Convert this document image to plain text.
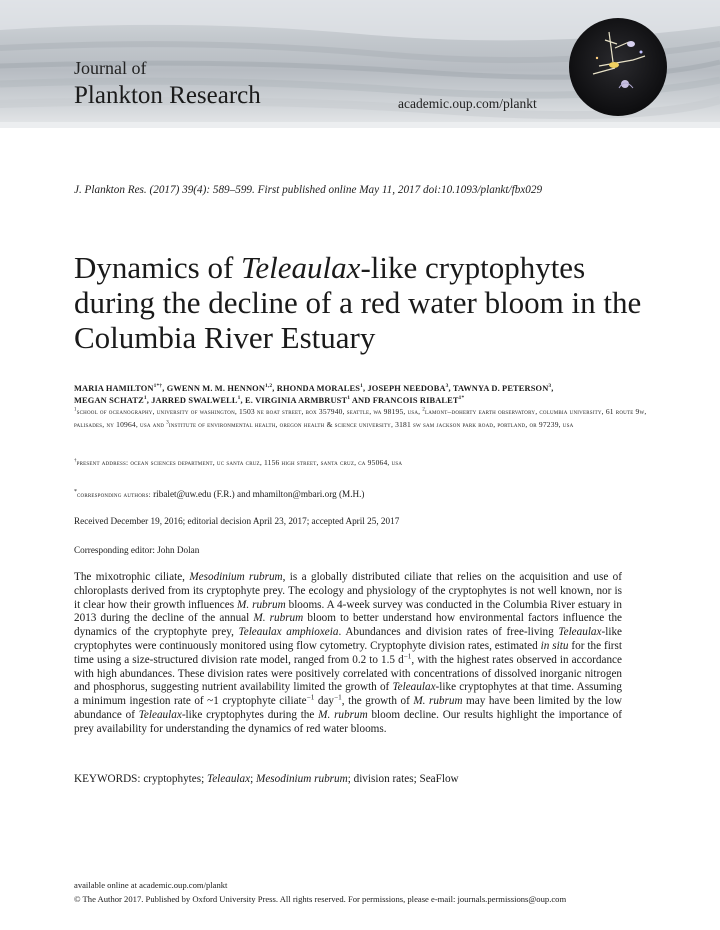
Journal of
Plankton Research	academic.oup.com/plankt
J. Plankton Res. (2017) 39(4): 589–599. First published online May 11, 2017 doi:10.1093/plankt/fbx029
Dynamics of Teleaulax-like cryptophytes during the decline of a red water bloom in the Columbia River Estuary
MARIA $HAMILTON^{1*\dagger}$, GWENN M. M. HENNON$^{1,2}$, RHONDA MORALES$^1$, JOSEPH NEEDOBA$^3$, TAWNYA D. PETERSON$^3$,
MEGAN SCHATZ$^1$, JARRED SWALWELL$^1$, E. VIRGINIA ARMBRUST$^1$ AND FRANCOIS $RIBALET^{1*}$
$^1$school of oceanography, university of washington, 1503 ne boat street, box 357940, seattle, wa 98195, usa, $^2$lamont–doherty earth observatory, columbia university, 61 route 9w, palisades, ny 10964, usa and $^3$institute of environmental health, oregon health & science university, 3181 sw sam jackson park road, portland, or 97239, usa
†present address: ocean sciences department, uc santa cruz, 1156 high street, santa cruz, ca 95064, usa
*corresponding authors: ribalet@uw.edu (F.R.) and mhamilton@mbari.org (M.H.)
Received December 19, 2016; editorial decision April 23, 2017; accepted April 25, 2017
Corresponding editor: John Dolan
The mixotrophic ciliate, Mesodinium rubrum, is a globally distributed ciliate that relies on the acquisition and use of chloroplasts derived from its cryptophyte prey. The ecology and physiology of the cryptophytes is not well known, nor is it clear how their growth influences M. rubrum blooms. A 4-week survey was conducted in the Columbia River estuary in 2013 during the decline of the annual M. rubrum bloom to better understand how environmental factors influence the dynamics of the cryptophyte prey, Teleaulax amphioxeia. Abundances and division rates of free-living Teleaulax-like cryptophytes were continuously monitored using flow cytometry. Cryptophyte division rates, estimated in situ for the first time using a size-structured division rate model, ranged from 0.2 to 1.5 $d^{-1}$, with the highest rates observed in accordance with high abundances. These division rates were positively correlated with concentrations of dissolved inorganic nitrogen and phosphorus, suggesting nutrient availability limited the growth of Teleaulax-like cryptophytes at that time. Assuming a minimum ingestion rate of ~1 cryptophyte ciliate$^{-1}$ day$^{-1}$, the growth of M. rubrum may have been limited by the low abundance of Teleaulax-like cryptophytes during the M. rubrum bloom decline. Our results highlight the importance of prey availability for understanding the dynamics of red water blooms.
KEYWORDS: cryptophytes; Teleaulax; Mesodinium rubrum; division rates; SeaFlow
available online at academic.oup.com/plankt
© The Author 2017. Published by Oxford University Press. All rights reserved. For permissions, please e-mail: journals.permissions@oup.com
